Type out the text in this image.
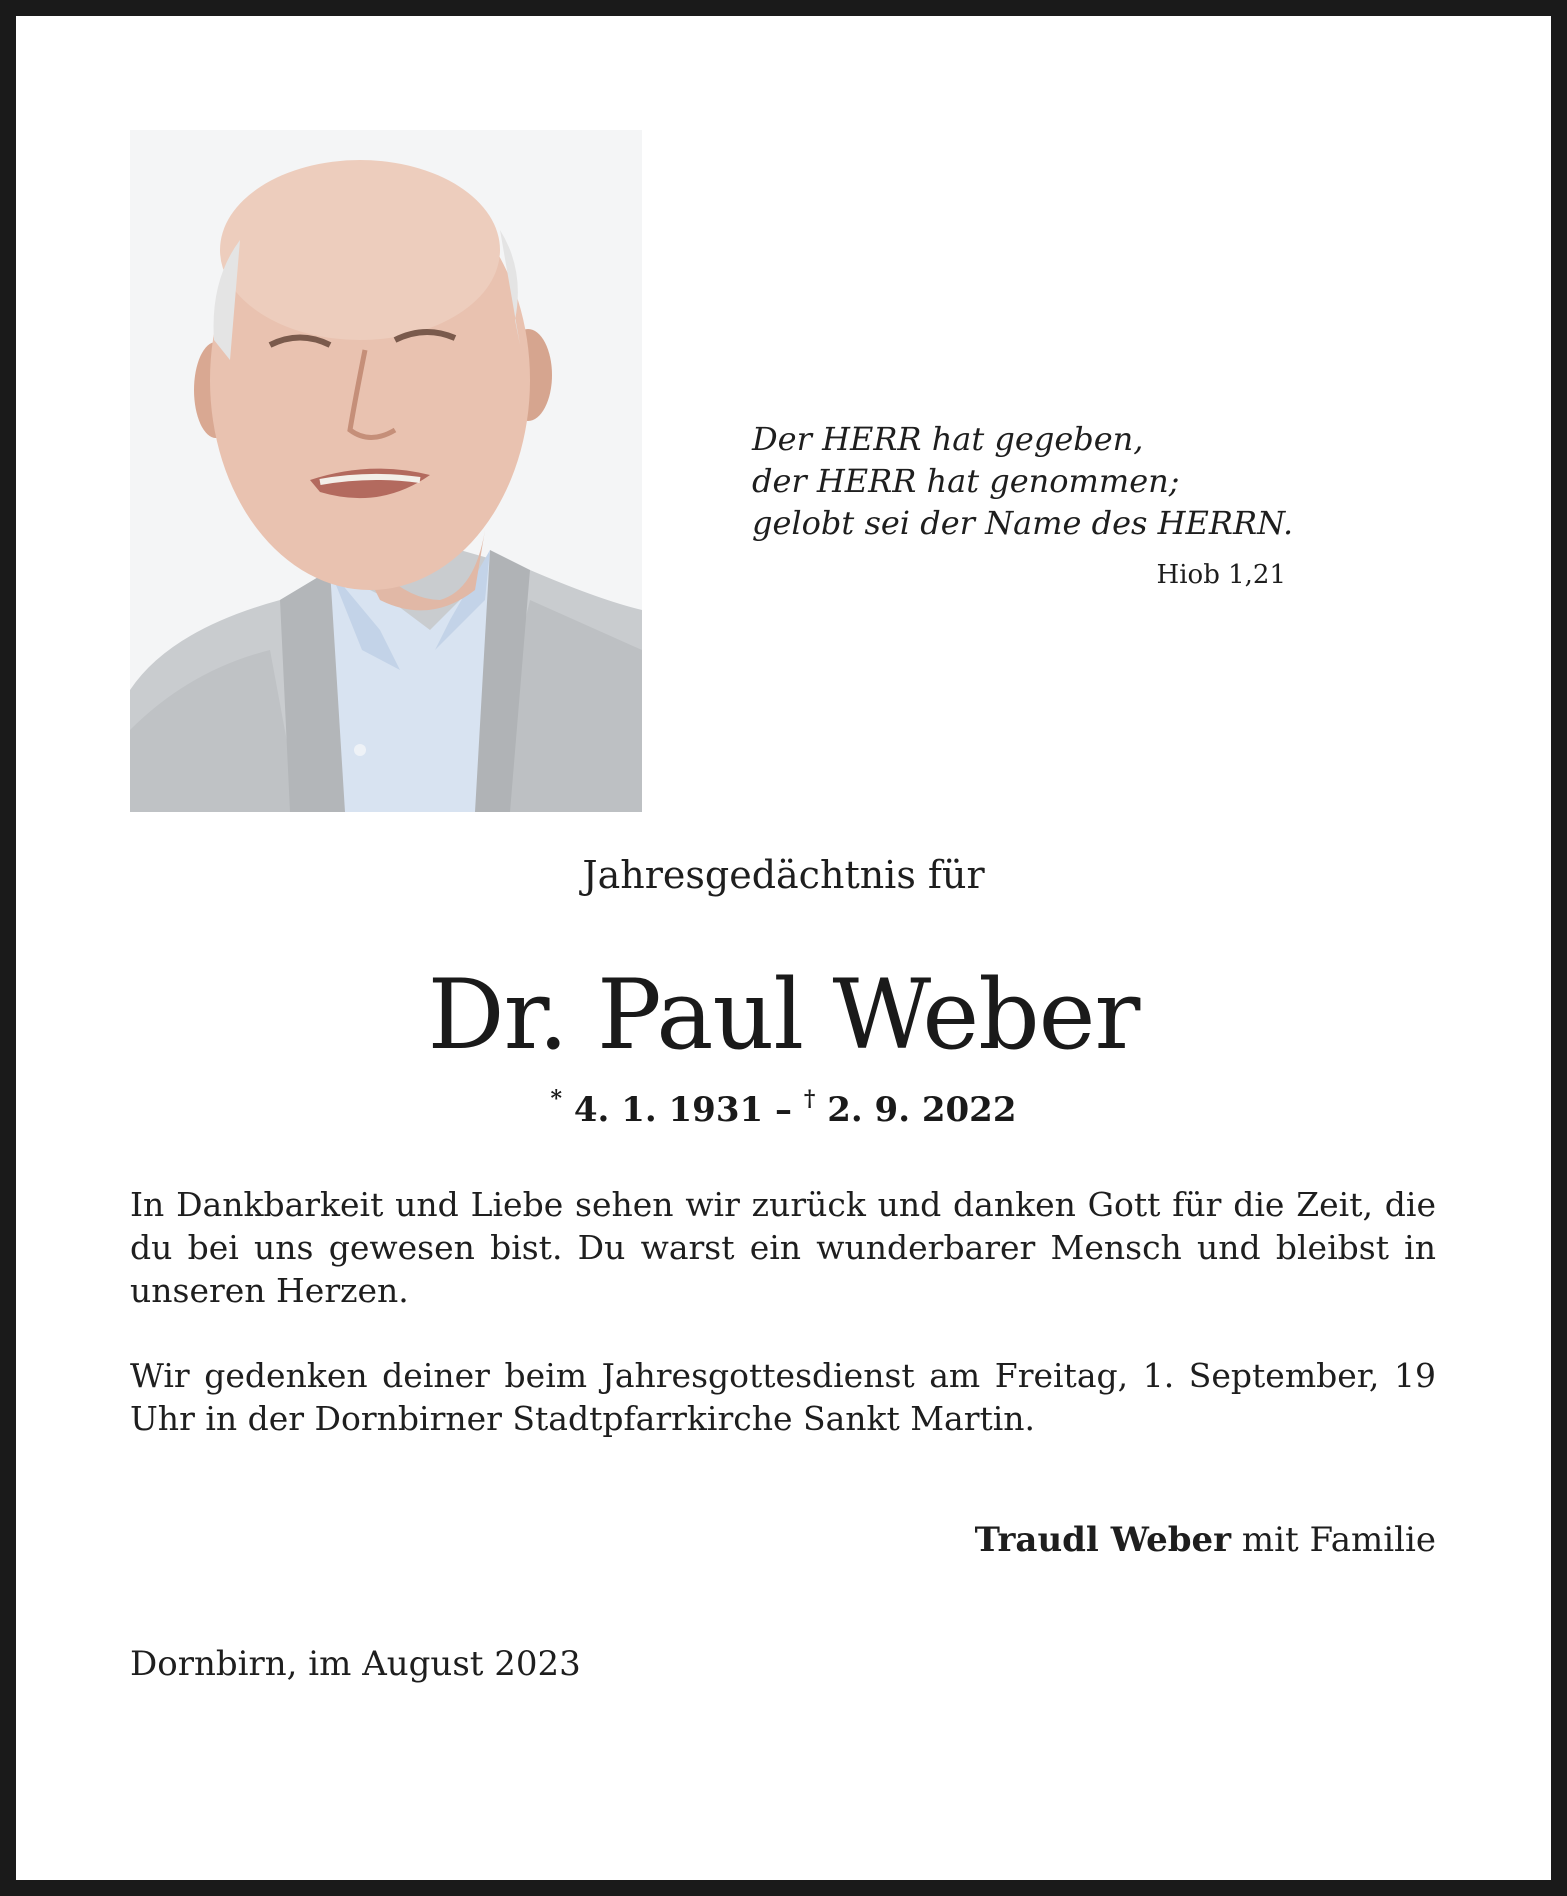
Der HERR hat gegeben,
der HERR hat genommen;
gelobt sei der Name des HERRN.
Hiob 1,21
Jahresgedächtnis für
Dr. Paul Weber
* 4. 1. 1931 – † 2. 9. 2022
In Dankbarkeit und Liebe sehen wir zurück und danken Gott für die Zeit, die du bei uns gewesen bist. Du warst ein wunderbarer Mensch und bleibst in unseren Herzen.
Wir gedenken deiner beim Jahresgottesdienst am Freitag, 1. September, 19 Uhr in der Dornbirner Stadtpfarrkirche Sankt Martin.
Traudl Weber mit Familie
Dornbirn, im August 2023
